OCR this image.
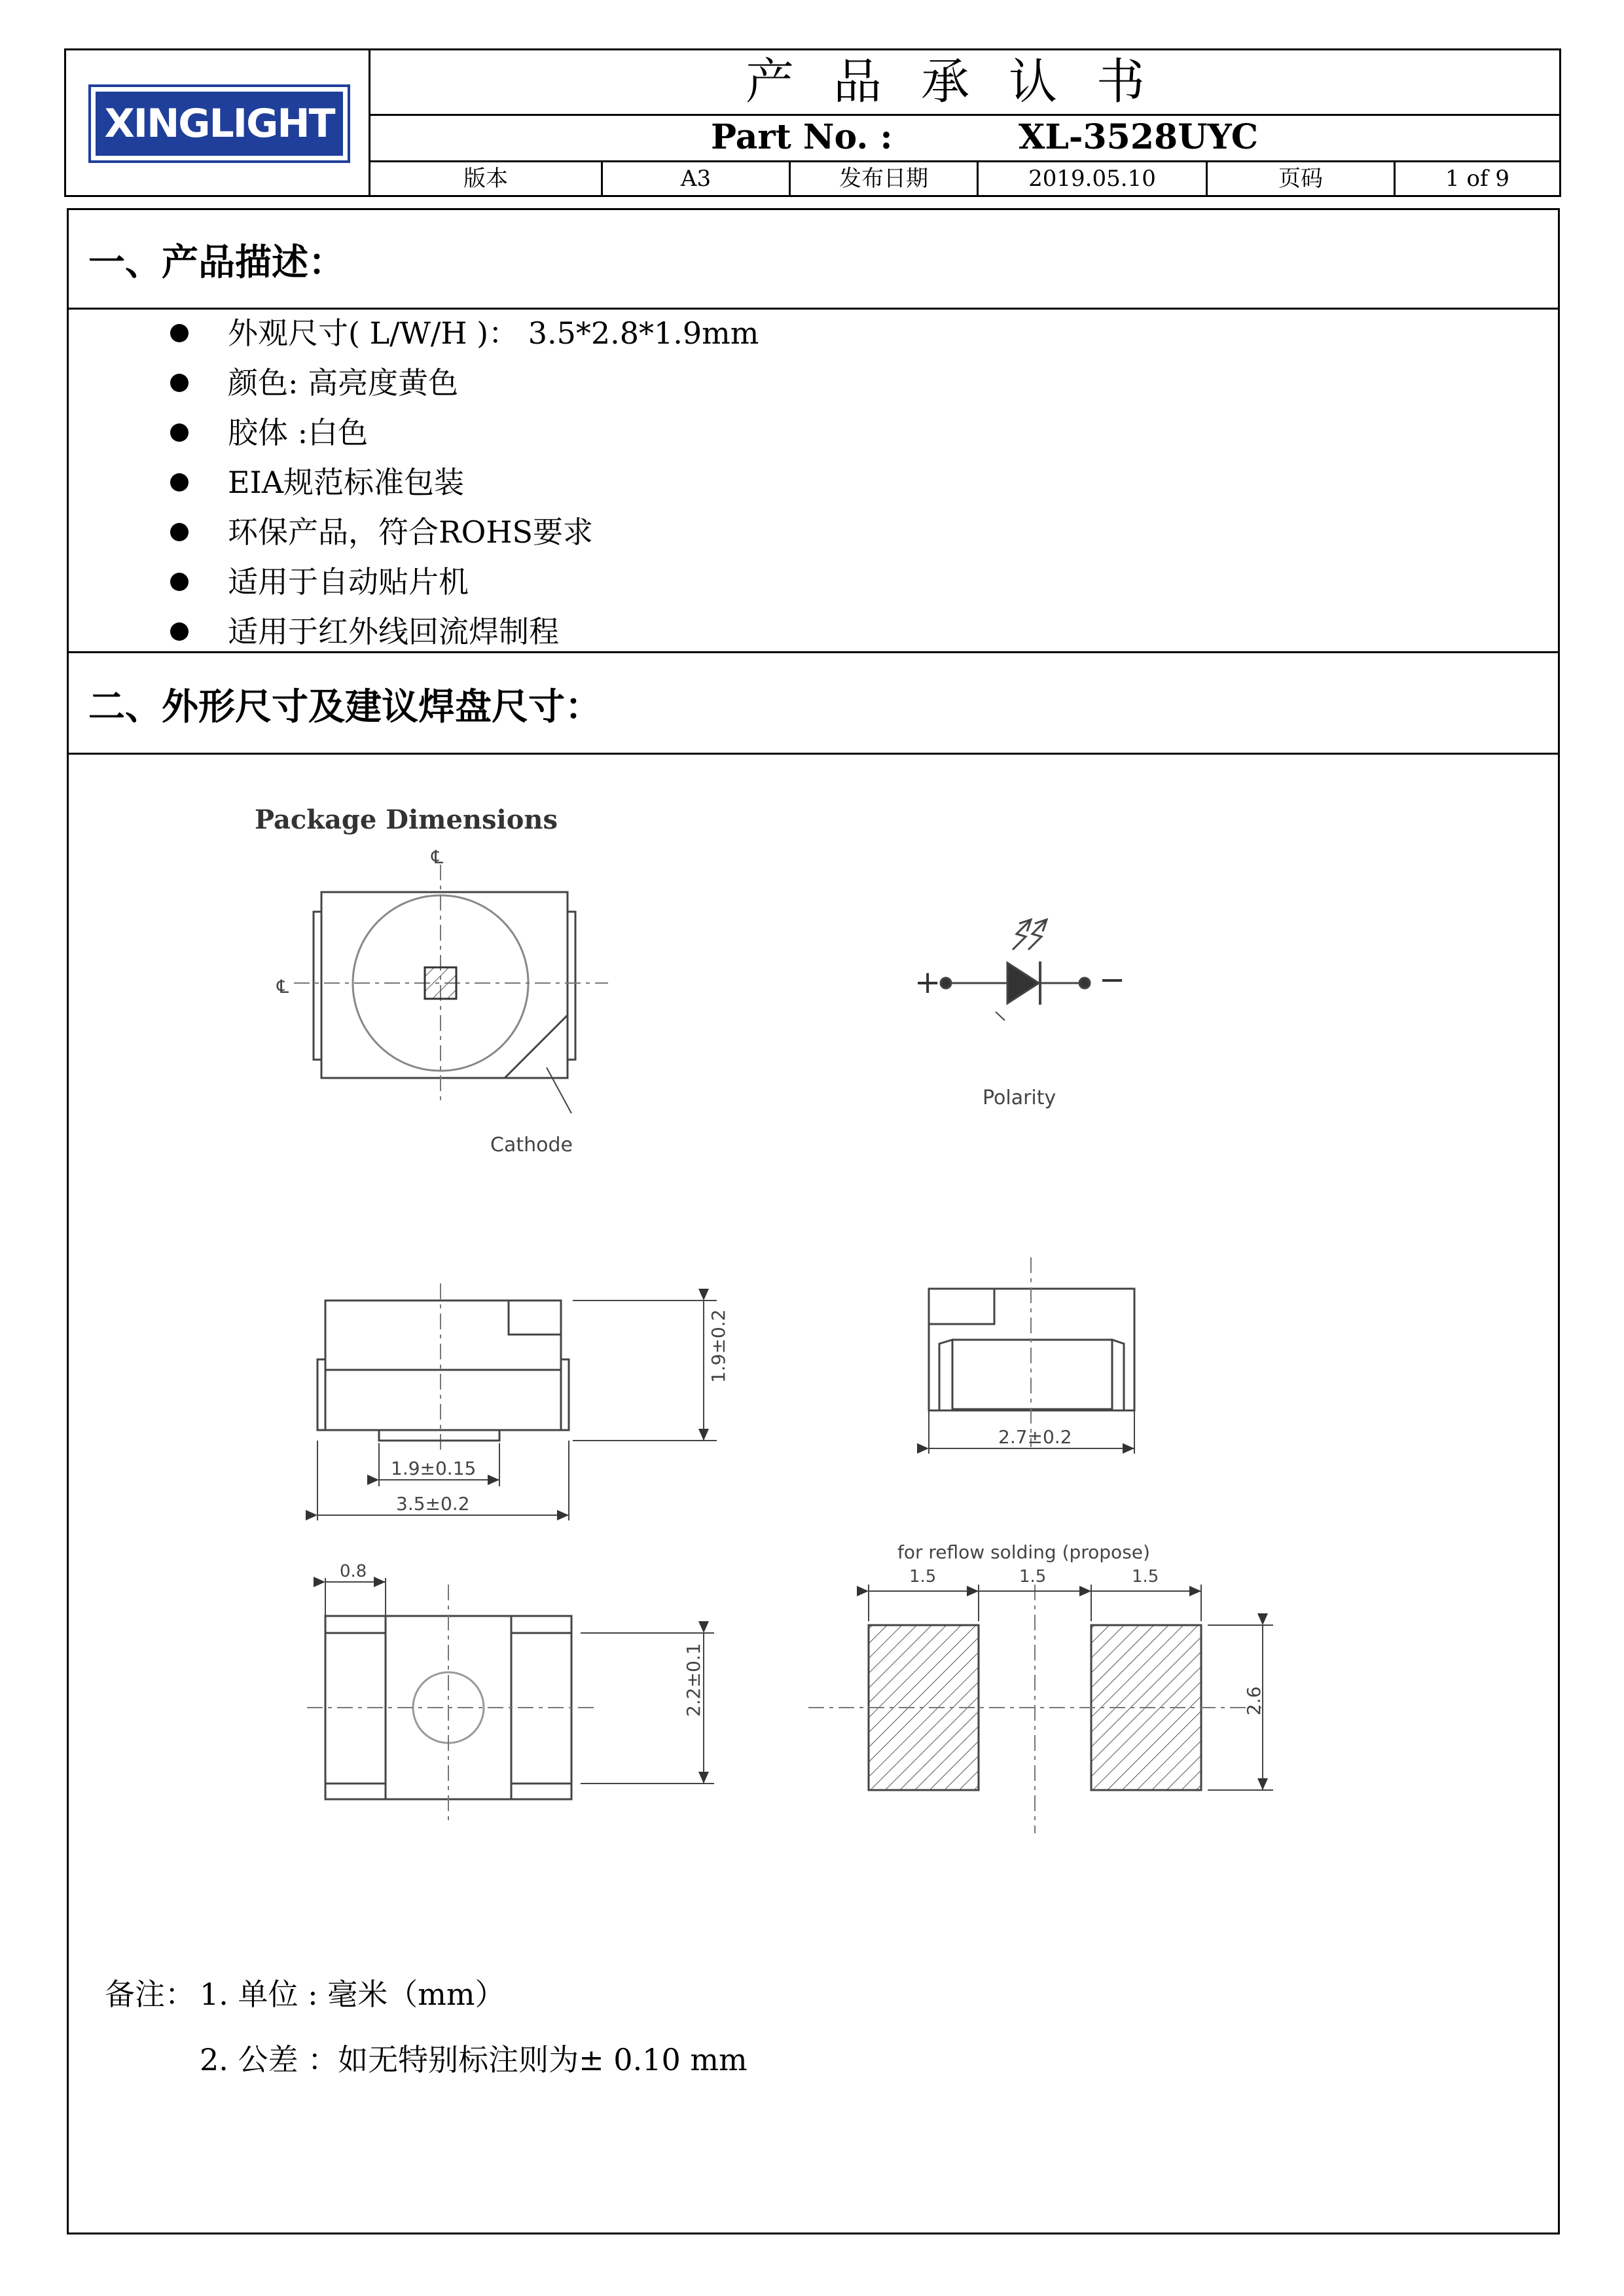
XINGLIGHT
产品承认书
Part No. :	XL-3528UYC
版本	A3	发布日期	2019.05.10	页码	1 of 9
一、产品描述：
外观尺寸( L/W/H )： 3.5*2.8*1.9mm
颜色: 高亮度黄色
胶体 :白色
EIA规范标准包装
环保产品，符合ROHS要求
适用于自动贴片机
适用于红外线回流焊制程
二、外形尺寸及建议焊盘尺寸：
Package Dimensions
℄
℄
Cathode
+	−
Polarity
1.9±0.2
1.9±0.15
3.5±0.2
2.7±0.2
0.8
2.2±0.1
for reflow solding (propose)
1.5	1.5	1.5
2.6
备注： 1. 单位 : 毫米（mm）
2. 公差 ：如无特别标注则为± 0.10 mm
